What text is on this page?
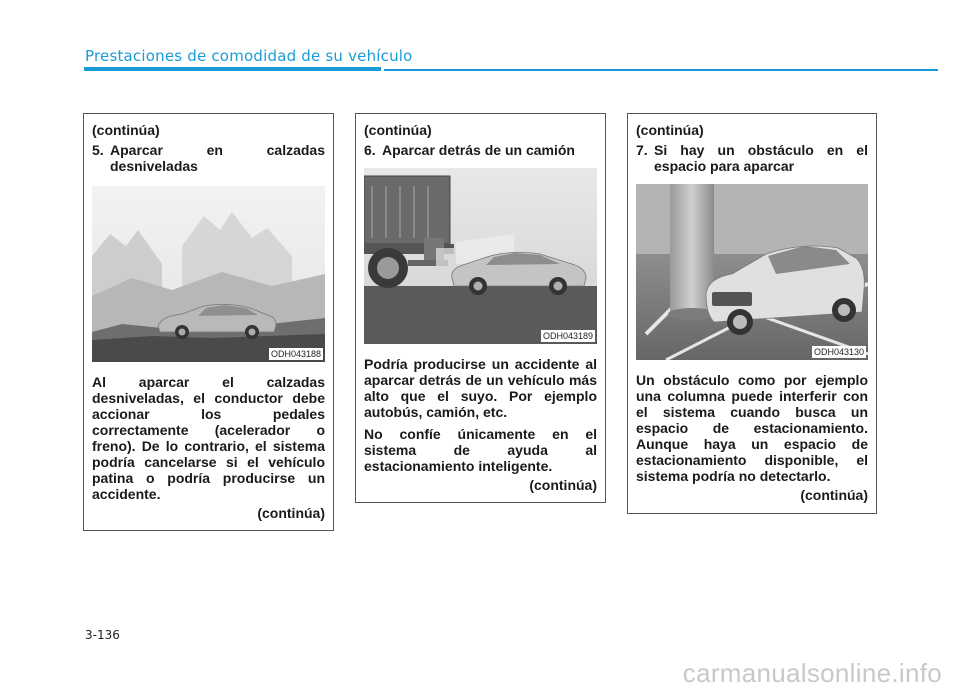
Prestaciones de comodidad de su vehículo

(continúa)

5. Aparcar en calzadas desniveladas

ODH043188

Al aparcar el calzadas desniveladas, el conductor debe accionar los pedales correctamente (acelerador o freno). De lo contrario, el sistema podría cancelarse si el vehículo patina o podría producirse un accidente.

(continúa)

(continúa)

6. Aparcar detrás de un camión

ODH043189

Podría producirse un accidente al aparcar detrás de un vehículo más alto que el suyo. Por ejemplo autobús, camión, etc.

No confíe únicamente en el sistema de ayuda al estacionamiento inteligente.

(continúa)

(continúa)

7. Si hay un obstáculo en el espacio para aparcar

ODH043130

Un obstáculo como por ejemplo una columna puede interferir con el sistema cuando busca un espacio de estacionamiento. Aunque haya un espacio de estacionamiento disponible, el sistema podría no detectarlo.

(continúa)

3-136
carmanualsonline.info
